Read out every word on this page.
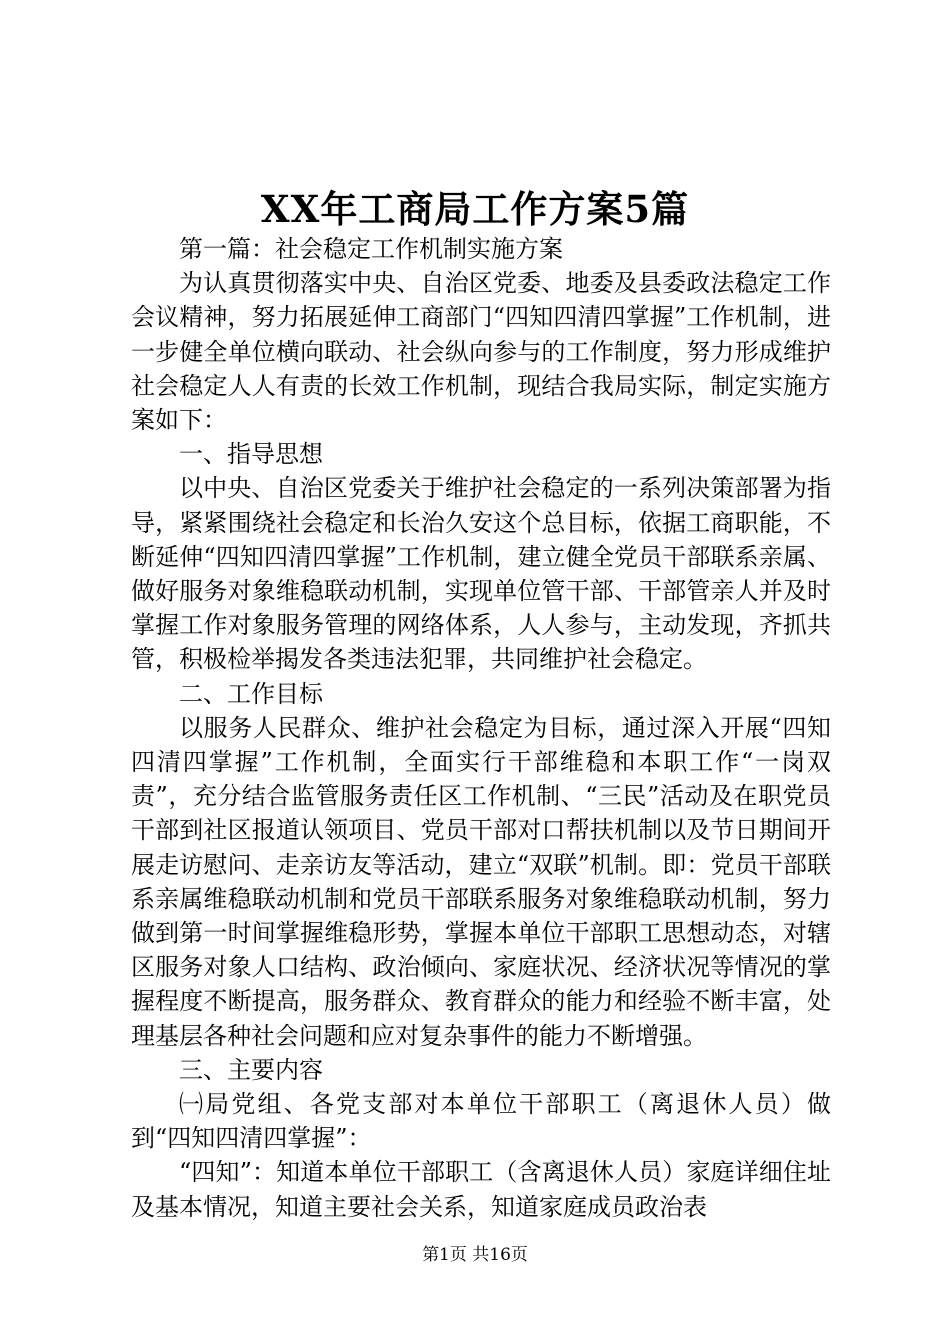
XX年工商局工作方案5篇

第一篇：社会稳定工作机制实施方案

为认真贯彻落实中央、自治区党委、地委及县委政法稳定工作会议精神，努力拓展延伸工商部门“四知四清四掌握”工作机制，进一步健全单位横向联动、社会纵向参与的工作制度，努力形成维护社会稳定人人有责的长效工作机制，现结合我局实际，制定实施方案如下：

一、指导思想

以中央、自治区党委关于维护社会稳定的一系列决策部署为指导，紧紧围绕社会稳定和长治久安这个总目标，依据工商职能，不断延伸“四知四清四掌握”工作机制，建立健全党员干部联系亲属、做好服务对象维稳联动机制，实现单位管干部、干部管亲人并及时掌握工作对象服务管理的网络体系，人人参与，主动发现，齐抓共管，积极检举揭发各类违法犯罪，共同维护社会稳定。

二、工作目标

以服务人民群众、维护社会稳定为目标，通过深入开展“四知四清四掌握”工作机制，全面实行干部维稳和本职工作“一岗双责”，充分结合监管服务责任区工作机制、“三民”活动及在职党员干部到社区报道认领项目、党员干部对口帮扶机制以及节日期间开展走访慰问、走亲访友等活动，建立“双联”机制。即：党员干部联系亲属维稳联动机制和党员干部联系服务对象维稳联动机制，努力做到第一时间掌握维稳形势，掌握本单位干部职工思想动态，对辖区服务对象人口结构、政治倾向、家庭状况、经济状况等情况的掌握程度不断提高，服务群众、教育群众的能力和经验不断丰富，处理基层各种社会问题和应对复杂事件的能力不断增强。

三、主要内容

㈠局党组、各党支部对本单位干部职工（离退休人员）做到“四知四清四掌握”：

“四知”：知道本单位干部职工（含离退休人员）家庭详细住址及基本情况，知道主要社会关系，知道家庭成员政治表

第1页 共16页
